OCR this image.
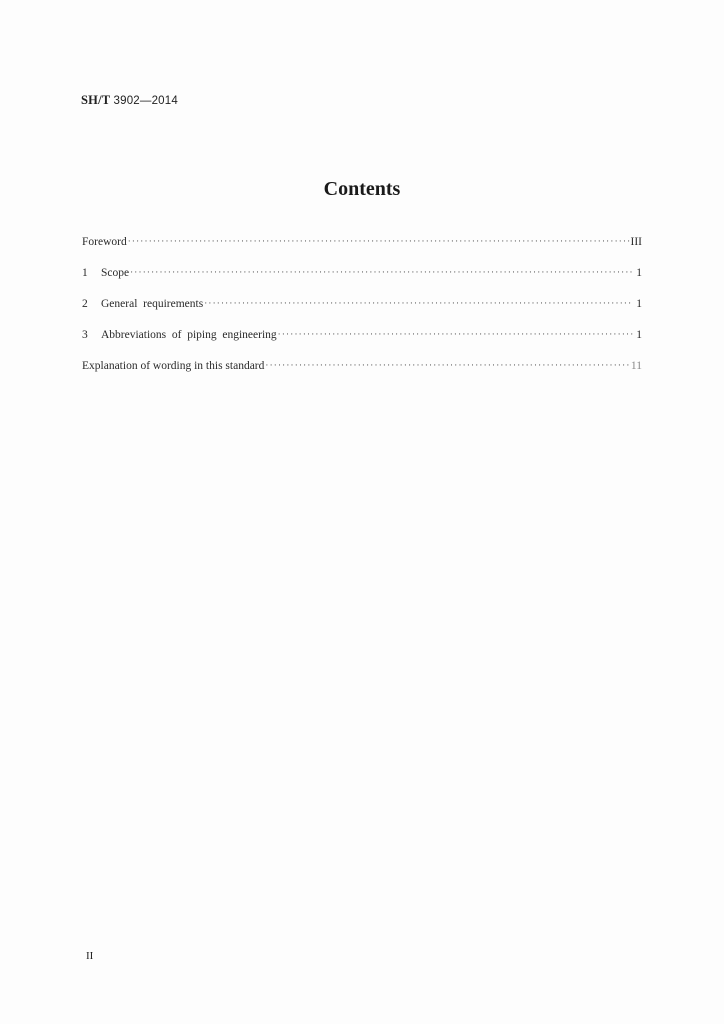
SH/T 3902—2014
Contents
Foreword ·····	III
1 Scope ·····	1
2 General  requirements ·····	1
3 Abbreviations  of  piping  engineering ·····	1
Explanation of wording in this standard ·····	11
II
